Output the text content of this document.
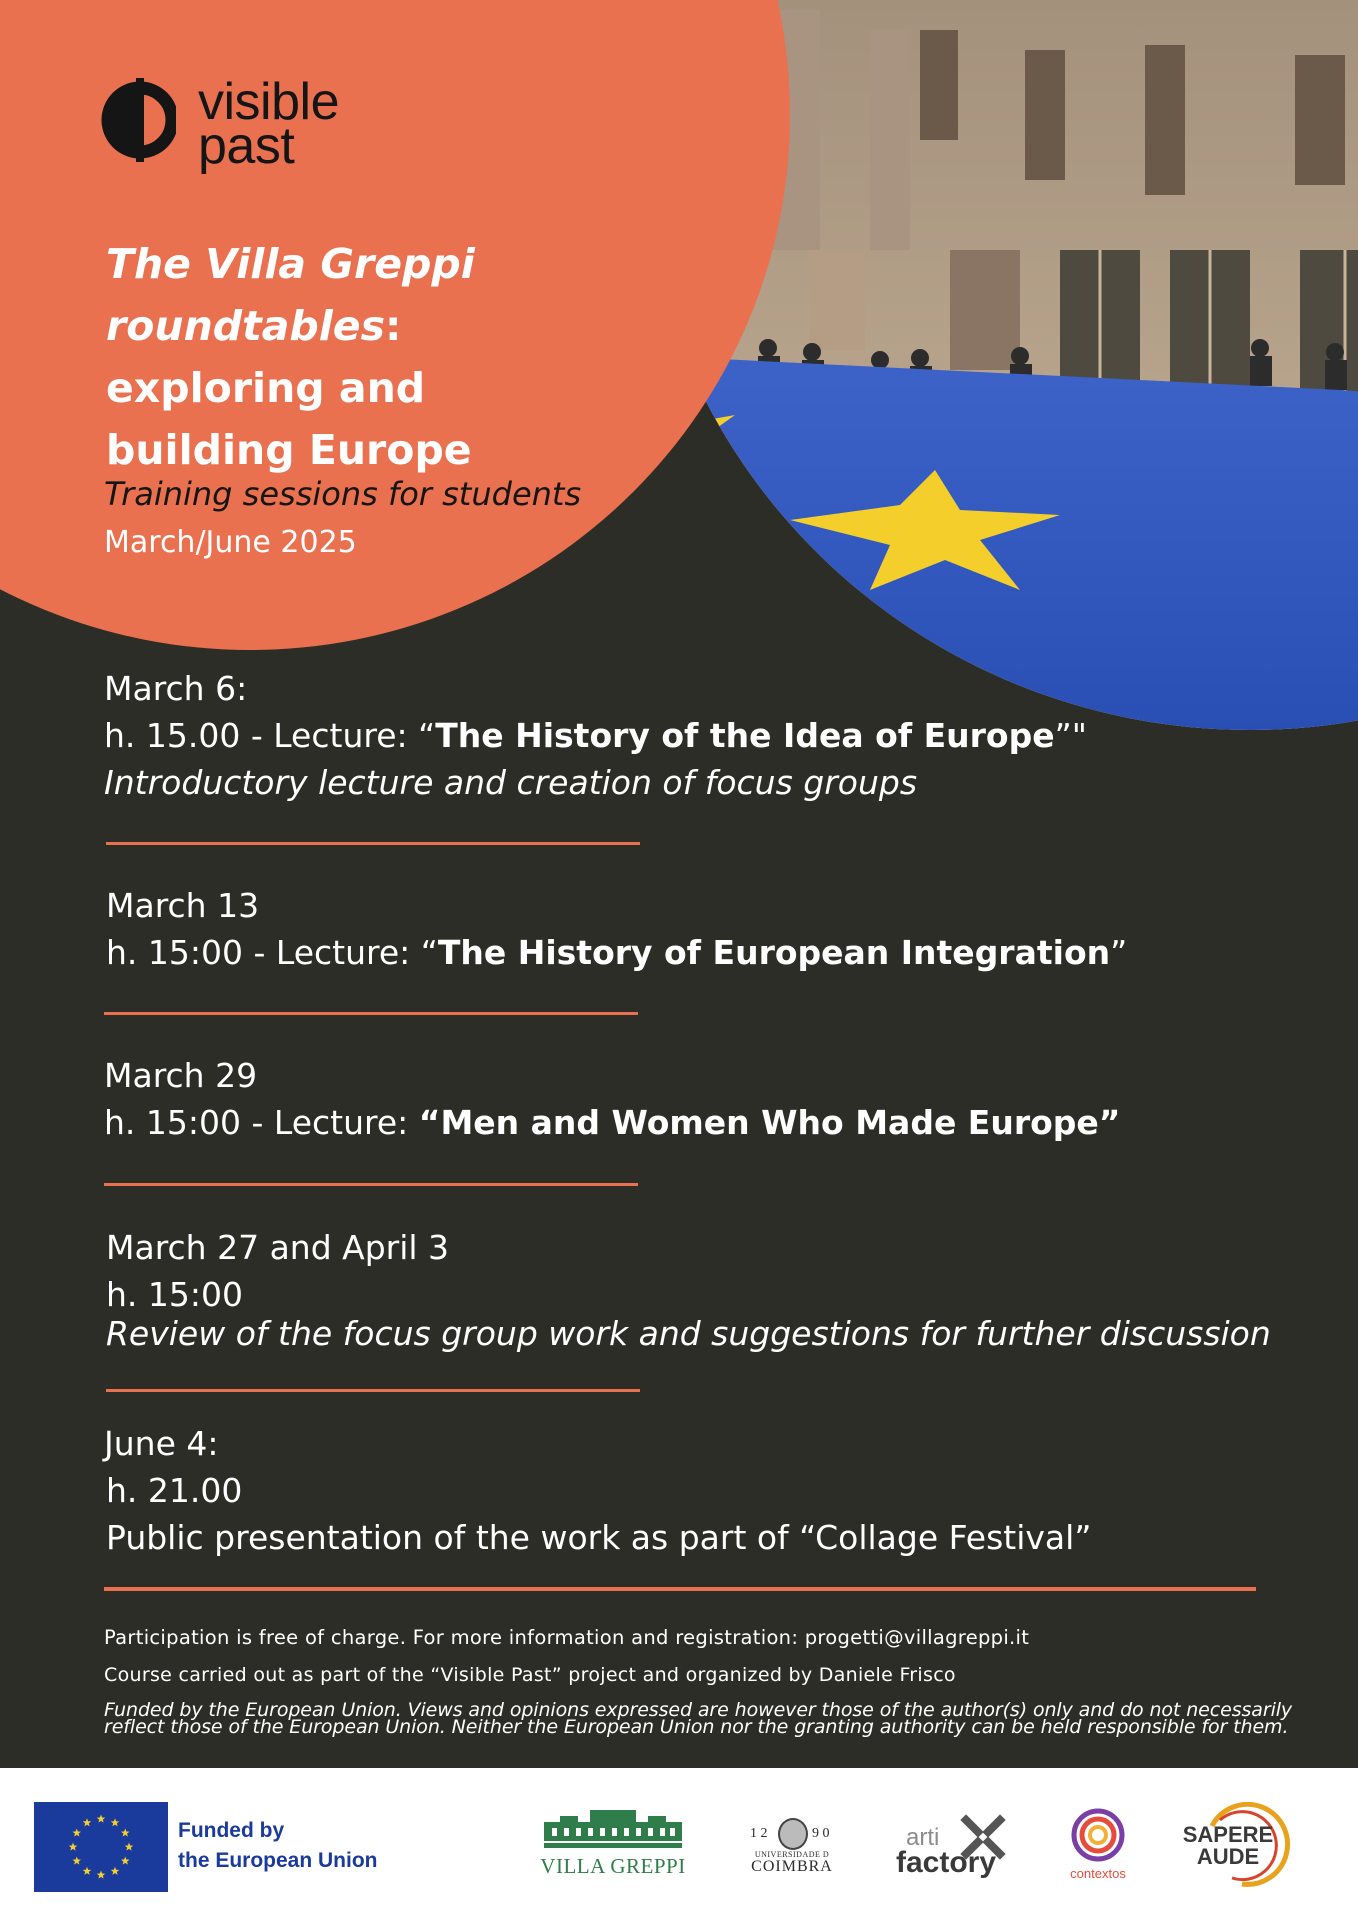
visible
past
The Villa Greppi roundtables:
exploring and
building Europe
Training sessions for students
March/June 2025
March 6:
h. 15.00 - Lecture: “The History of the Idea of Europe”"
Introductory lecture and creation of focus groups
March 13
h. 15:00 - Lecture: “The History of European Integration”
March 29
h. 15:00 - Lecture: “Men and Women Who Made Europe”
March 27 and April 3
h. 15:00
Review of the focus group work and suggestions for further discussion
June 4:
h. 21.00
Public presentation of the work as part of “Collage Festival”
Participation is free of charge. For more information and registration: progetti@villagreppi.it
Course carried out as part of the “Visible Past” project and organized by Daniele Frisco
Funded by the European Union. Views and opinions expressed are however those of the author(s) only and do not necessarily
reflect those of the European Union. Neither the European Union nor the granting authority can be held responsible for them.
Funded by
the European Union	VILLA GREPPI
1 2	9 0
UNIVERSIDADE D
COIMBRA
arti
factory	contextos
SAPERE
AUDE
